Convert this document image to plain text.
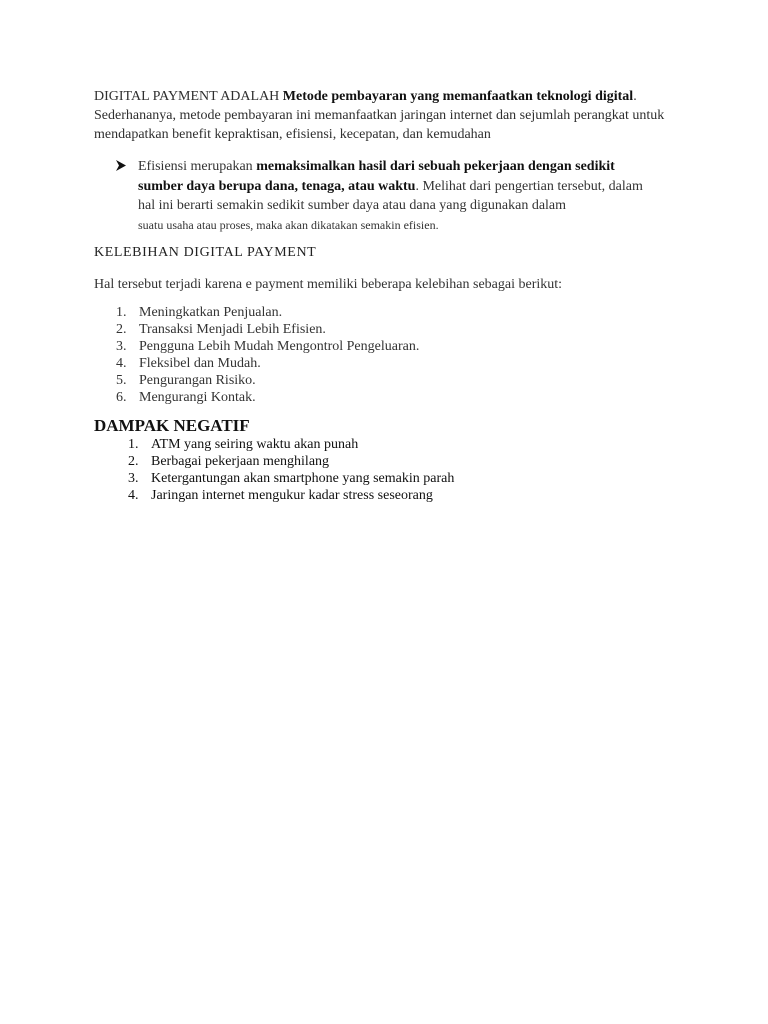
DIGITAL PAYMENT ADALAH Metode pembayaran yang memanfaatkan teknologi digital. Sederhananya, metode pembayaran ini memanfaatkan jaringan internet dan sejumlah perangkat untuk mendapatkan benefit kepraktisan, efisiensi, kecepatan, dan kemudahan

Efisiensi merupakan memaksimalkan hasil dari sebuah pekerjaan dengan sedikit sumber daya berupa dana, tenaga, atau waktu. Melihat dari pengertian tersebut, dalam hal ini berarti semakin sedikit sumber daya atau dana yang digunakan dalam
suatu usaha atau proses, maka akan dikatakan semakin efisien.
KELEBIHAN DIGITAL PAYMENT

Hal tersebut terjadi karena e payment memiliki beberapa kelebihan sebagai berikut:

1. Meningkatkan Penjualan.
2. Transaksi Menjadi Lebih Efisien.
3. Pengguna Lebih Mudah Mengontrol Pengeluaran.
4. Fleksibel dan Mudah.
5. Pengurangan Risiko.
6. Mengurangi Kontak.
DAMPAK NEGATIF
1. ATM yang seiring waktu akan punah
2. Berbagai pekerjaan menghilang
3. Ketergantungan akan smartphone yang semakin parah
4. Jaringan internet mengukur kadar stress seseorang
